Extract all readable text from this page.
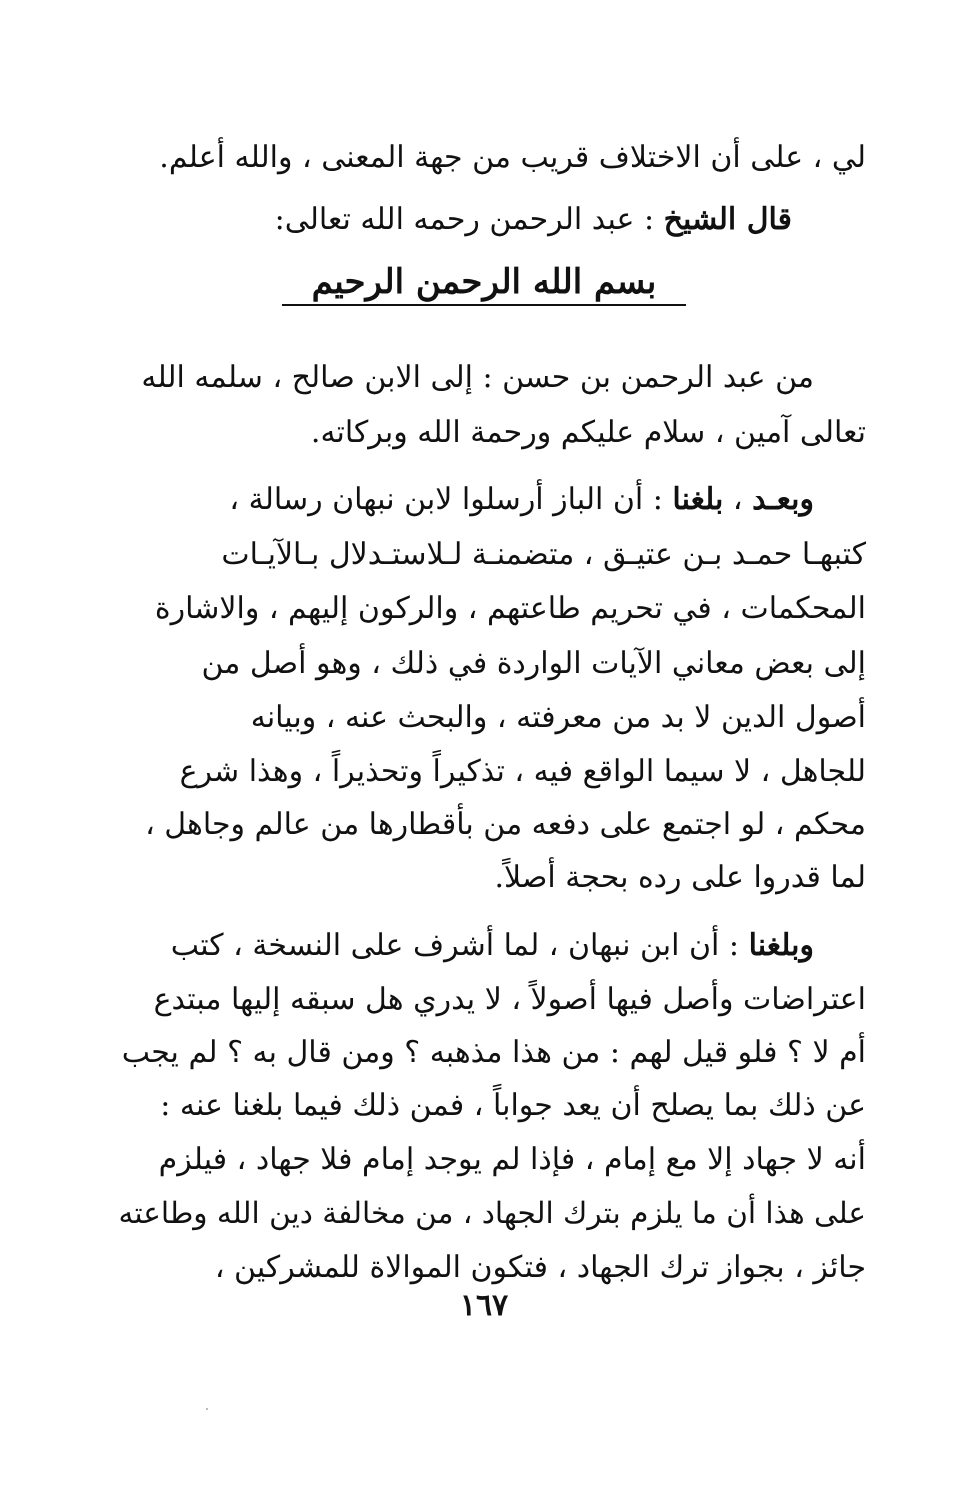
لي ، على أن الاختلاف قريب من جهة المعنى ، والله أعلم.
قال الشيخ : عبد الرحمن رحمه الله تعالى:
بسم الله الرحمن الرحيم
من عبد الرحمن بن حسن : إلى الابن صالح ، سلمه الله
تعالى آمين ، سلام عليكم ورحمة الله وبركاته.
وبعـد ، بلغنا : أن الباز أرسلوا لابن نبهان رسالة ،
كتبهـا حمـد بـن عتيـق ، متضمنـة لـلاستـدلال بـالآيـات
المحكمات ، في تحريم طاعتهم ، والركون إليهم ، والاشارة
إلى بعض معاني الآيات الواردة في ذلك ، وهو أصل من
أصول الدين لا بد من معرفته ، والبحث عنه ، وبيانه
للجاهل ، لا سيما الواقع فيه ، تذكيراً وتحذيراً ، وهذا شرع
محكم ، لو اجتمع على دفعه من بأقطارها من عالم وجاهل ،
لما قدروا على رده بحجة أصلاً.
وبلغنا : أن ابن نبهان ، لما أشرف على النسخة ، كتب
اعتراضات وأصل فيها أصولاً ، لا يدري هل سبقه إليها مبتدع
أم لا ؟ فلو قيل لهم : من هذا مذهبه ؟ ومن قال به ؟ لم يجب
عن ذلك بما يصلح أن يعد جواباً ، فمن ذلك فيما بلغنا عنه :
أنه لا جهاد إلا مع إمام ، فإذا لم يوجد إمام فلا جهاد ، فيلزم
على هذا أن ما يلزم بترك الجهاد ، من مخالفة دين الله وطاعته
جائز ، بجواز ترك الجهاد ، فتكون الموالاة للمشركين ،
١٦٧
